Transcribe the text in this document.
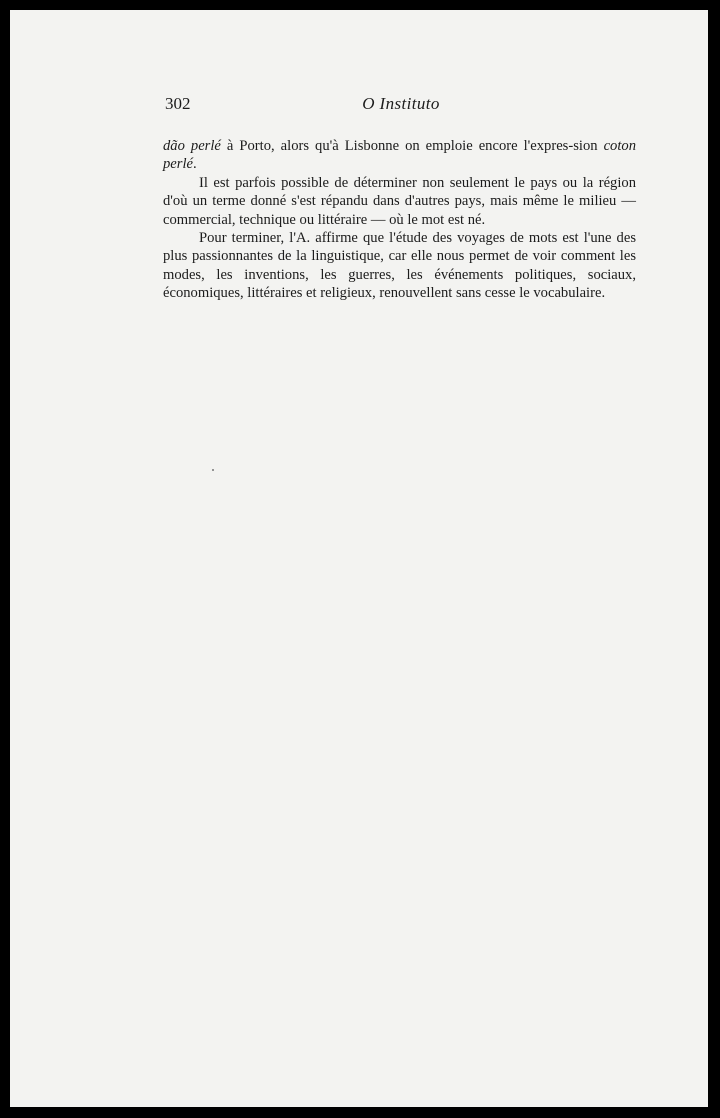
302	O Instituto

dão perlé à Porto, alors qu'à Lisbonne on emploie encore l'expres-sion coton perlé.

Il est parfois possible de déterminer non seulement le pays ou la région d'où un terme donné s'est répandu dans d'autres pays, mais même le milieu — commercial, technique ou littéraire — où le mot est né.

Pour terminer, l'A. affirme que l'étude des voyages de mots est l'une des plus passionnantes de la linguistique, car elle nous permet de voir comment les modes, les inventions, les guerres, les événements politiques, sociaux, économiques, littéraires et religieux, renouvellent sans cesse le vocabulaire.
